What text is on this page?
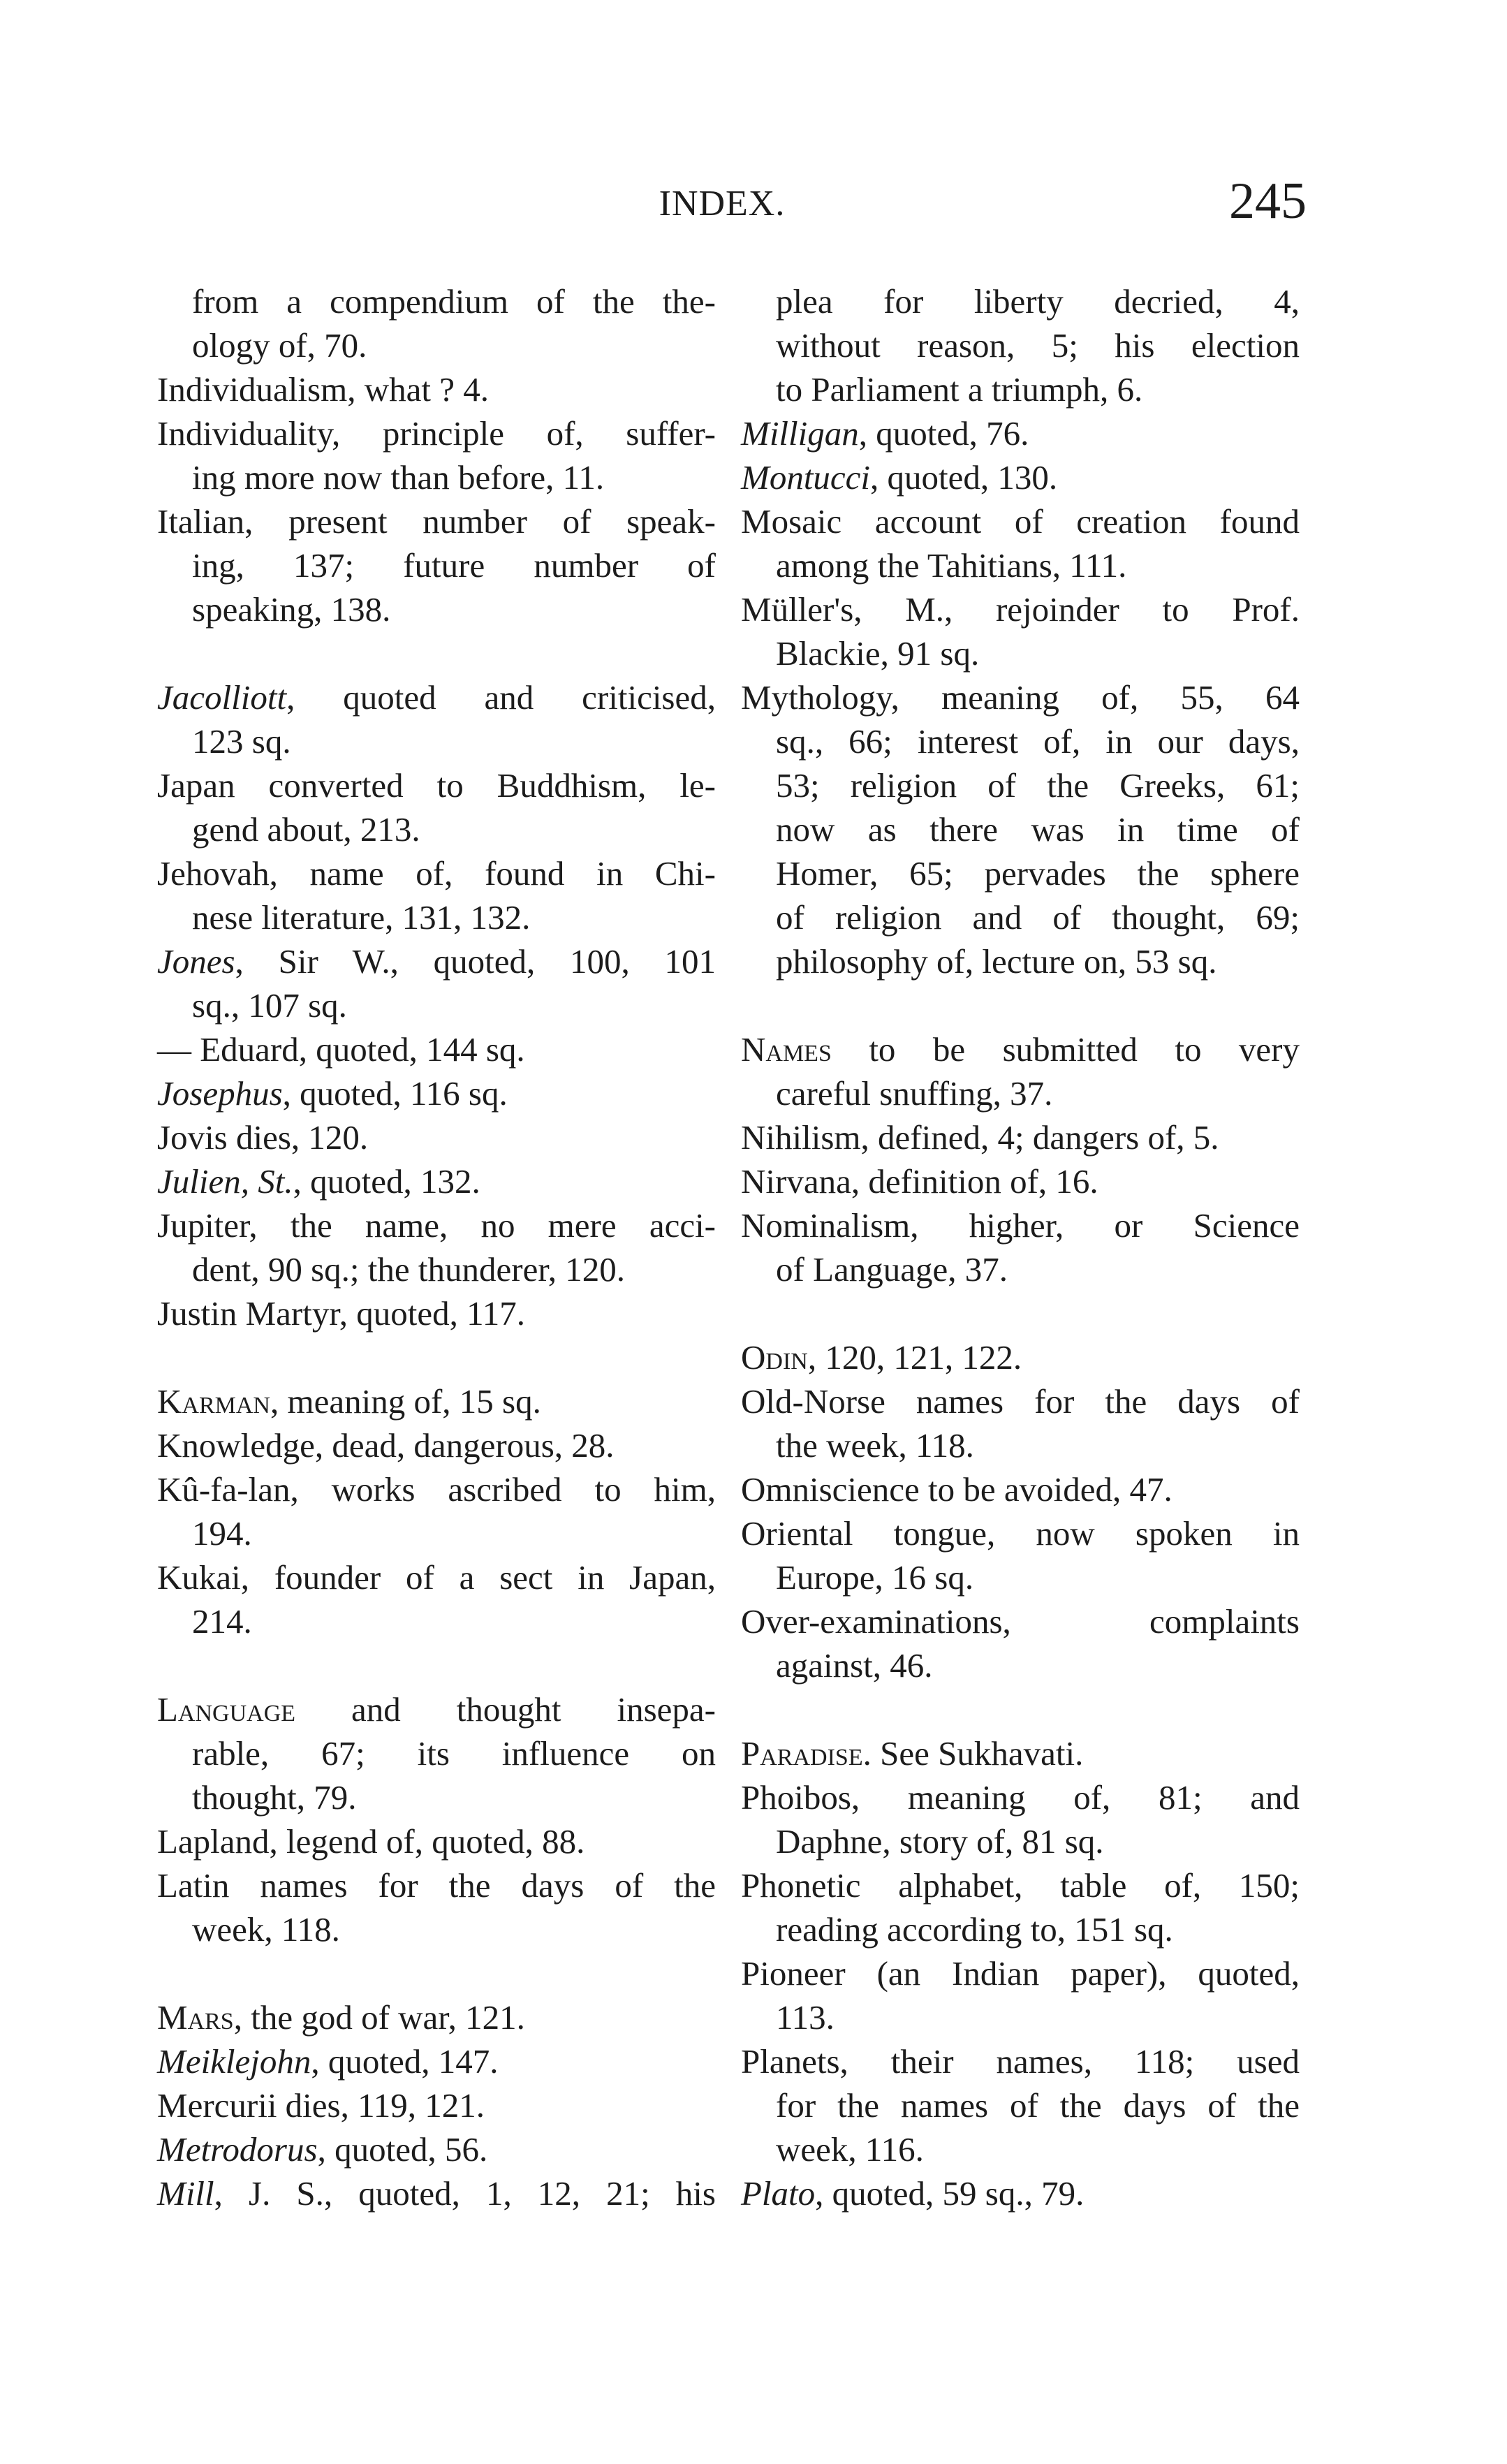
INDEX.	245
from a compendium of the the-
ology of, 70.
Individualism, what ? 4.
Individuality, principle of, suffer-
ing more now than before, 11.
Italian, present number of speak-
ing, 137; future number of
speaking, 138.
Jacolliott, quoted and criticised,
123 sq.
Japan converted to Buddhism, le-
gend about, 213.
Jehovah, name of, found in Chi-
nese literature, 131, 132.
Jones, Sir W., quoted, 100, 101
sq., 107 sq.
— Eduard, quoted, 144 sq.
Josephus, quoted, 116 sq.
Jovis dies, 120.
Julien, St., quoted, 132.
Jupiter, the name, no mere acci-
dent, 90 sq.; the thunderer, 120.
Justin Martyr, quoted, 117.
Karman, meaning of, 15 sq.
Knowledge, dead, dangerous, 28.
Kû-fa-lan, works ascribed to him,
194.
Kukai, founder of a sect in Japan,
214.
Language and thought insepa-
rable, 67; its influence on
thought, 79.
Lapland, legend of, quoted, 88.
Latin names for the days of the
week, 118.
Mars, the god of war, 121.
Meiklejohn, quoted, 147.
Mercurii dies, 119, 121.
Metrodorus, quoted, 56.
Mill, J. S., quoted, 1, 12, 21; his
plea for liberty decried, 4,
without reason, 5; his election
to Parliament a triumph, 6.
Milligan, quoted, 76.
Montucci, quoted, 130.
Mosaic account of creation found
among the Tahitians, 111.
Müller's, M., rejoinder to Prof.
Blackie, 91 sq.
Mythology, meaning of, 55, 64
sq., 66; interest of, in our days,
53; religion of the Greeks, 61;
now as there was in time of
Homer, 65; pervades the sphere
of religion and of thought, 69;
philosophy of, lecture on, 53 sq.
Names to be submitted to very
careful snuffing, 37.
Nihilism, defined, 4; dangers of, 5.
Nirvana, definition of, 16.
Nominalism, higher, or Science
of Language, 37.
Odin, 120, 121, 122.
Old-Norse names for the days of
the week, 118.
Omniscience to be avoided, 47.
Oriental tongue, now spoken in
Europe, 16 sq.
Over-examinations, complaints
against, 46.
Paradise. See Sukhavati.
Phoibos, meaning of, 81; and
Daphne, story of, 81 sq.
Phonetic alphabet, table of, 150;
reading according to, 151 sq.
Pioneer (an Indian paper), quoted,
113.
Planets, their names, 118; used
for the names of the days of the
week, 116.
Plato, quoted, 59 sq., 79.
